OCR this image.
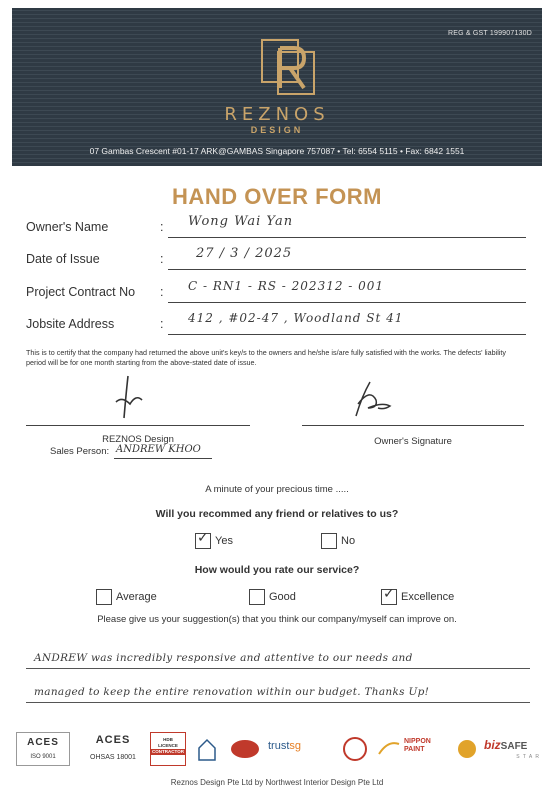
REG & GST 199907130D
REZNOS
DESIGN
07 Gambas Crescent #01-17 ARK@GAMBAS Singapore 757087 • Tel: 6554 5115 • Fax: 6842 1551
HAND OVER FORM
Owner's Name	: Wong Wai Yan
Date of Issue	:	27 / 3 / 2025
Project Contract No : C - RN1 - RS - 202312 - 001
Jobsite Address	: 412 , #02-47 , Woodland St 41
This is to certify that the company had returned the above unit's key/s to the owners and he/she is/are fully satisfied with the works. The defects' liability period will be for one month starting from the above-stated date of issue.
REZNOS Design
Sales Person: ANDREW KHOO
Owner's Signature
A minute of your precious time .....
Will you recommed any friend or relatives to us?
✓ Yes	No
How would you rate our service?
Average	Good	✓ Excellence
Please give us your suggestion(s) that you think our company/myself can improve on.
ANDREW was incredibly responsive and attentive to our needs and
managed to keep the entire renovation within our budget. Thanks Up!
ACES
ISO 9001
ACES
OHSAS 18001
HDB
LICENCE
CONTRACTOR	trustsg	NIPPON
PAINT	bizSAFE
S T A R
Reznos Design Pte Ltd by Northwest Interior Design Pte Ltd
